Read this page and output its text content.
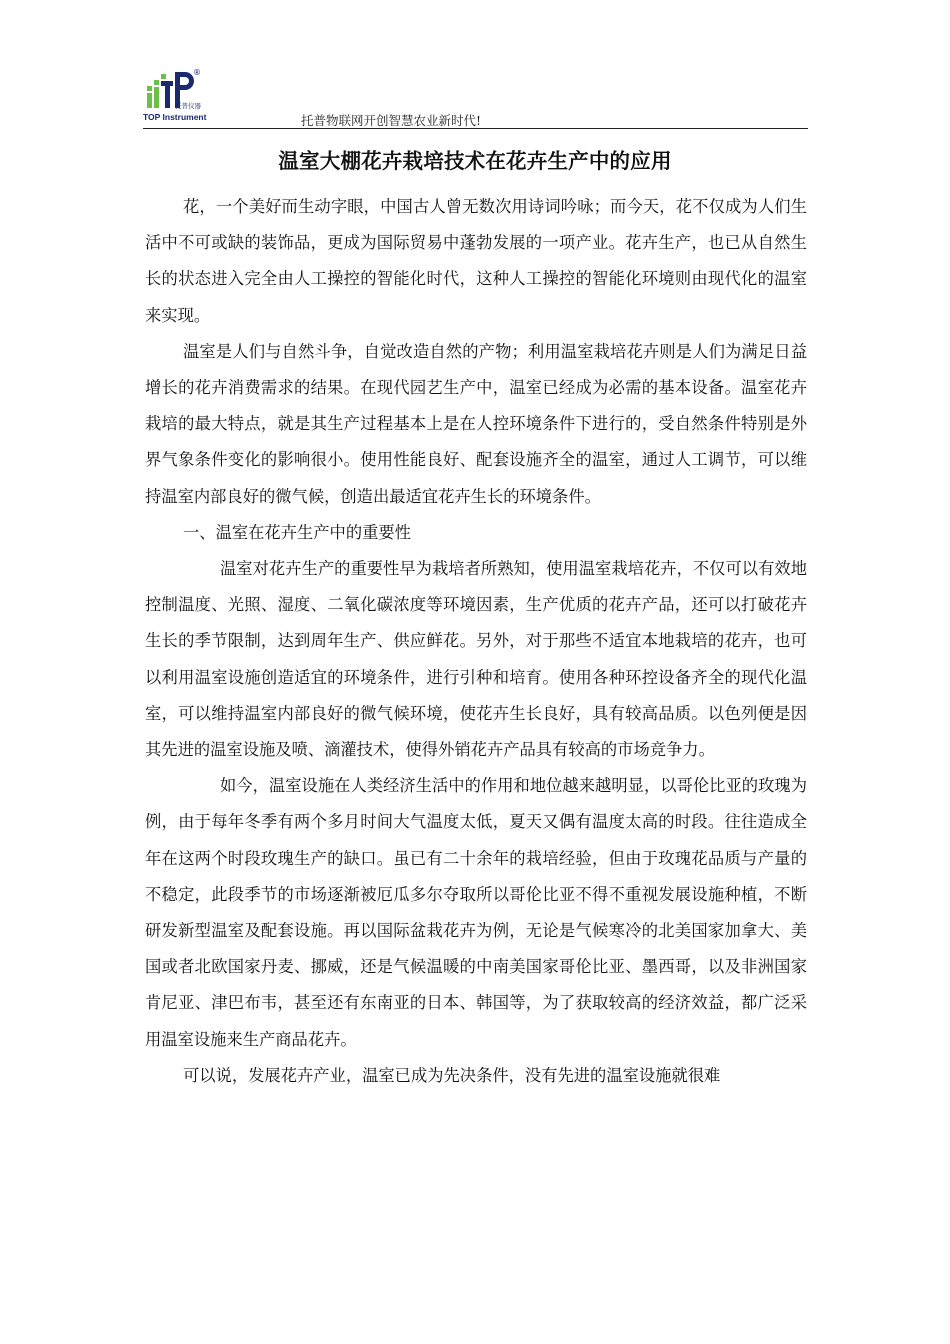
®
托普仪器
TOP Instrument	托普物联网开创智慧农业新时代!
温室大棚花卉栽培技术在花卉生产中的应用

花，一个美好而生动字眼，中国古人曾无数次用诗词吟咏；而今天，花不仅成为人们生活中不可或缺的装饰品，更成为国际贸易中蓬勃发展的一项产业。花卉生产，也已从自然生长的状态进入完全由人工操控的智能化时代，这种人工操控的智能化环境则由现代化的温室来实现。

温室是人们与自然斗争，自觉改造自然的产物；利用温室栽培花卉则是人们为满足日益增长的花卉消费需求的结果。在现代园艺生产中，温室已经成为必需的基本设备。温室花卉栽培的最大特点，就是其生产过程基本上是在人控环境条件下进行的，受自然条件特别是外界气象条件变化的影响很小。使用性能良好、配套设施齐全的温室，通过人工调节，可以维持温室内部良好的微气候，创造出最适宜花卉生长的环境条件。

一、温室在花卉生产中的重要性

温室对花卉生产的重要性早为栽培者所熟知，使用温室栽培花卉，不仅可以有效地控制温度、光照、湿度、二氧化碳浓度等环境因素，生产优质的花卉产品，还可以打破花卉生长的季节限制，达到周年生产、供应鲜花。另外，对于那些不适宜本地栽培的花卉，也可以利用温室设施创造适宜的环境条件，进行引种和培育。使用各种环控设备齐全的现代化温室，可以维持温室内部良好的微气候环境，使花卉生长良好，具有较高品质。以色列便是因其先进的温室设施及喷、滴灌技术，使得外销花卉产品具有较高的市场竞争力。

如今，温室设施在人类经济生活中的作用和地位越来越明显，以哥伦比亚的玫瑰为例，由于每年冬季有两个多月时间大气温度太低，夏天又偶有温度太高的时段。往往造成全年在这两个时段玫瑰生产的缺口。虽已有二十余年的栽培经验，但由于玫瑰花品质与产量的不稳定，此段季节的市场逐渐被厄瓜多尔夺取所以哥伦比亚不得不重视发展设施种植，不断研发新型温室及配套设施。再以国际盆栽花卉为例，无论是气候寒冷的北美国家加拿大、美国或者北欧国家丹麦、挪威，还是气候温暖的中南美国家哥伦比亚、墨西哥，以及非洲国家肯尼亚、津巴布韦，甚至还有东南亚的日本、韩国等，为了获取较高的经济效益，都广泛采用温室设施来生产商品花卉。

可以说，发展花卉产业，温室已成为先决条件，没有先进的温室设施就很难
